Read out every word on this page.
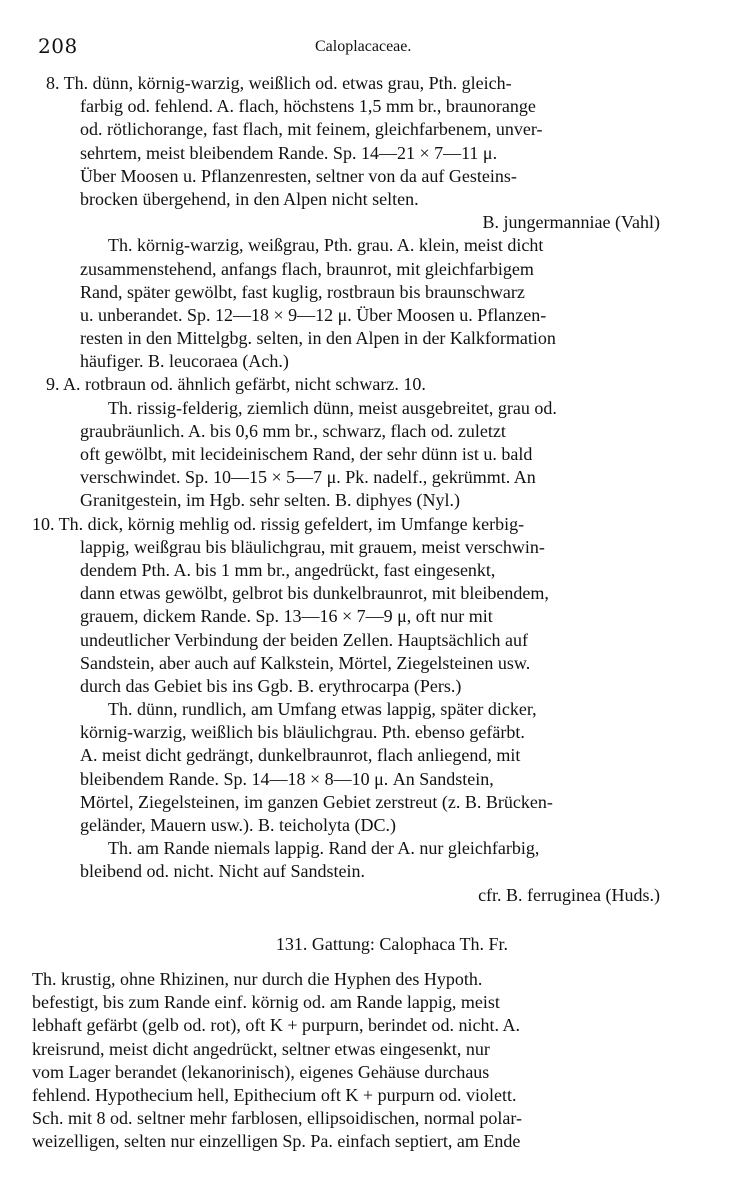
208	Caloplacaceae.
8. Th. dünn, körnig-warzig, weißlich od. etwas grau, Pth. gleich-
farbig od. fehlend. A. flach, höchstens 1,5 mm br., braunorange
od. rötlichorange, fast flach, mit feinem, gleichfarbenem, unver-
sehrtem, meist bleibendem Rande. Sp. 14—21 × 7—11 μ.
Über Moosen u. Pflanzenresten, seltner von da auf Gesteins-
brocken übergehend, in den Alpen nicht selten.
B. jungermanniae (Vahl)
Th. körnig-warzig, weißgrau, Pth. grau. A. klein, meist dicht
zusammenstehend, anfangs flach, braunrot, mit gleichfarbigem
Rand, später gewölbt, fast kuglig, rostbraun bis braunschwarz
u. unberandet. Sp. 12—18 × 9—12 μ. Über Moosen u. Pflanzen-
resten in den Mittelgbg. selten, in den Alpen in der Kalkformation
häufiger. B. leucoraea (Ach.)
9. A. rotbraun od. ähnlich gefärbt, nicht schwarz. 10.
Th. rissig-felderig, ziemlich dünn, meist ausgebreitet, grau od.
graubräunlich. A. bis 0,6 mm br., schwarz, flach od. zuletzt
oft gewölbt, mit lecideinischem Rand, der sehr dünn ist u. bald
verschwindet. Sp. 10—15 × 5—7 μ. Pk. nadelf., gekrümmt. An
Granitgestein, im Hgb. sehr selten. B. diphyes (Nyl.)
10. Th. dick, körnig mehlig od. rissig gefeldert, im Umfange kerbig-
lappig, weißgrau bis bläulichgrau, mit grauem, meist verschwin-
dendem Pth. A. bis 1 mm br., angedrückt, fast eingesenkt,
dann etwas gewölbt, gelbrot bis dunkelbraunrot, mit bleibendem,
grauem, dickem Rande. Sp. 13—16 × 7—9 μ, oft nur mit
undeutlicher Verbindung der beiden Zellen. Hauptsächlich auf
Sandstein, aber auch auf Kalkstein, Mörtel, Ziegelsteinen usw.
durch das Gebiet bis ins Ggb. B. erythrocarpa (Pers.)
Th. dünn, rundlich, am Umfang etwas lappig, später dicker,
körnig-warzig, weißlich bis bläulichgrau. Pth. ebenso gefärbt.
A. meist dicht gedrängt, dunkelbraunrot, flach anliegend, mit
bleibendem Rande. Sp. 14—18 × 8—10 μ. An Sandstein,
Mörtel, Ziegelsteinen, im ganzen Gebiet zerstreut (z. B. Brücken-
geländer, Mauern usw.). B. teicholyta (DC.)
Th. am Rande niemals lappig. Rand der A. nur gleichfarbig,
bleibend od. nicht. Nicht auf Sandstein.
cfr. B. ferruginea (Huds.)
131. Gattung: Calophaca Th. Fr.
Th. krustig, ohne Rhizinen, nur durch die Hyphen des Hypoth.
befestigt, bis zum Rande einf. körnig od. am Rande lappig, meist
lebhaft gefärbt (gelb od. rot), oft K + purpurn, berindet od. nicht. A.
kreisrund, meist dicht angedrückt, seltner etwas eingesenkt, nur
vom Lager berandet (lekanorinisch), eigenes Gehäuse durchaus
fehlend. Hypothecium hell, Epithecium oft K + purpurn od. violett.
Sch. mit 8 od. seltner mehr farblosen, ellipsoidischen, normal polar-
weizelligen, selten nur einzelligen Sp. Pa. einfach septiert, am Ende
